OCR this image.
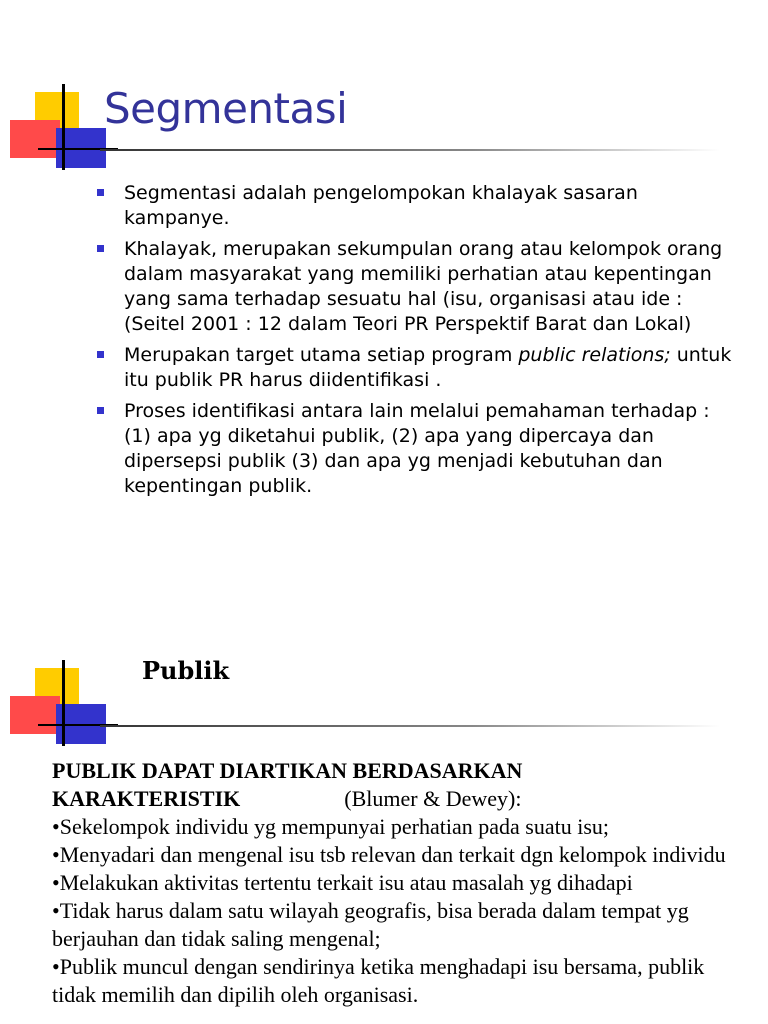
Segmentasi
Segmentasi adalah pengelompokan khalayak sasaran kampanye.
Khalayak, merupakan sekumpulan orang atau kelompok orang dalam masyarakat yang memiliki perhatian atau kepentingan yang sama terhadap sesuatu hal (isu, organisasi atau ide : (Seitel 2001 : 12 dalam Teori PR Perspektif Barat dan Lokal)
Merupakan target utama setiap program public relations; untuk itu publik PR harus diidentifikasi .
Proses identifikasi antara lain melalui pemahaman terhadap : (1) apa yg diketahui publik, (2) apa yang dipercaya dan dipersepsi publik (3) dan apa yg menjadi kebutuhan dan kepentingan publik.
Publik

PUBLIK DAPAT DIARTIKAN BERDASARKAN

KARAKTERISTIK	(Blumer & Dewey):

•Sekelompok individu yg mempunyai perhatian pada suatu isu;

•Menyadari dan mengenal isu tsb relevan dan terkait dgn kelompok individu

•Melakukan aktivitas tertentu terkait isu atau masalah yg dihadapi

•Tidak harus dalam satu wilayah geografis, bisa berada dalam tempat yg berjauhan dan tidak saling mengenal;

•Publik muncul dengan sendirinya ketika menghadapi isu bersama, publik tidak memilih dan dipilih oleh organisasi.
